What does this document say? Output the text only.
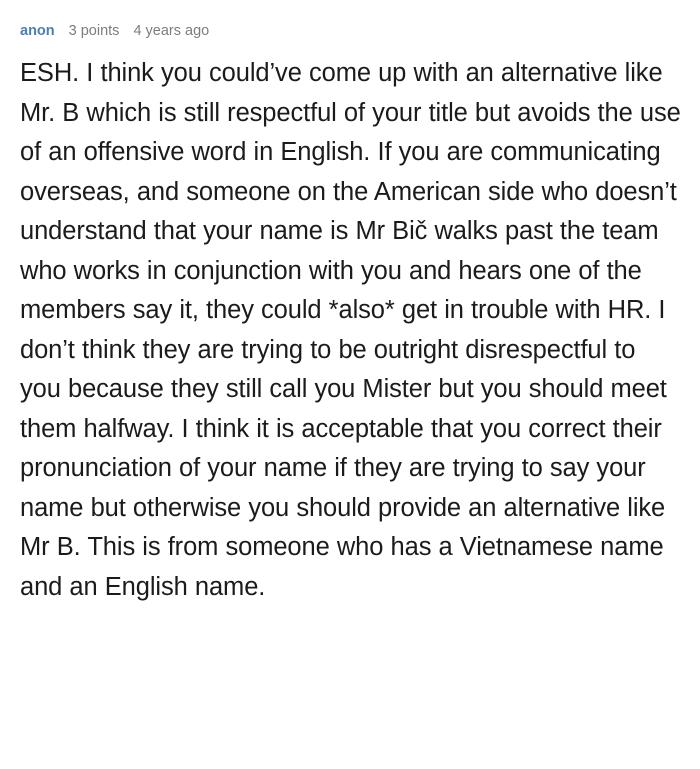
anon 3 points 4 years ago
ESH. I think you could’ve come up with an alternative like Mr. B which is still respectful of your title but avoids the use of an offensive word in English. If you are communicating overseas, and someone on the American side who doesn’t understand that your name is Mr Bič walks past the team who works in conjunction with you and hears one of the members say it, they could *also* get in trouble with HR. I don’t think they are trying to be outright disrespectful to you because they still call you Mister but you should meet them halfway. I think it is acceptable that you correct their pronunciation of your name if they are trying to say your name but otherwise you should provide an alternative like Mr B. This is from someone who has a Vietnamese name and an English name.
